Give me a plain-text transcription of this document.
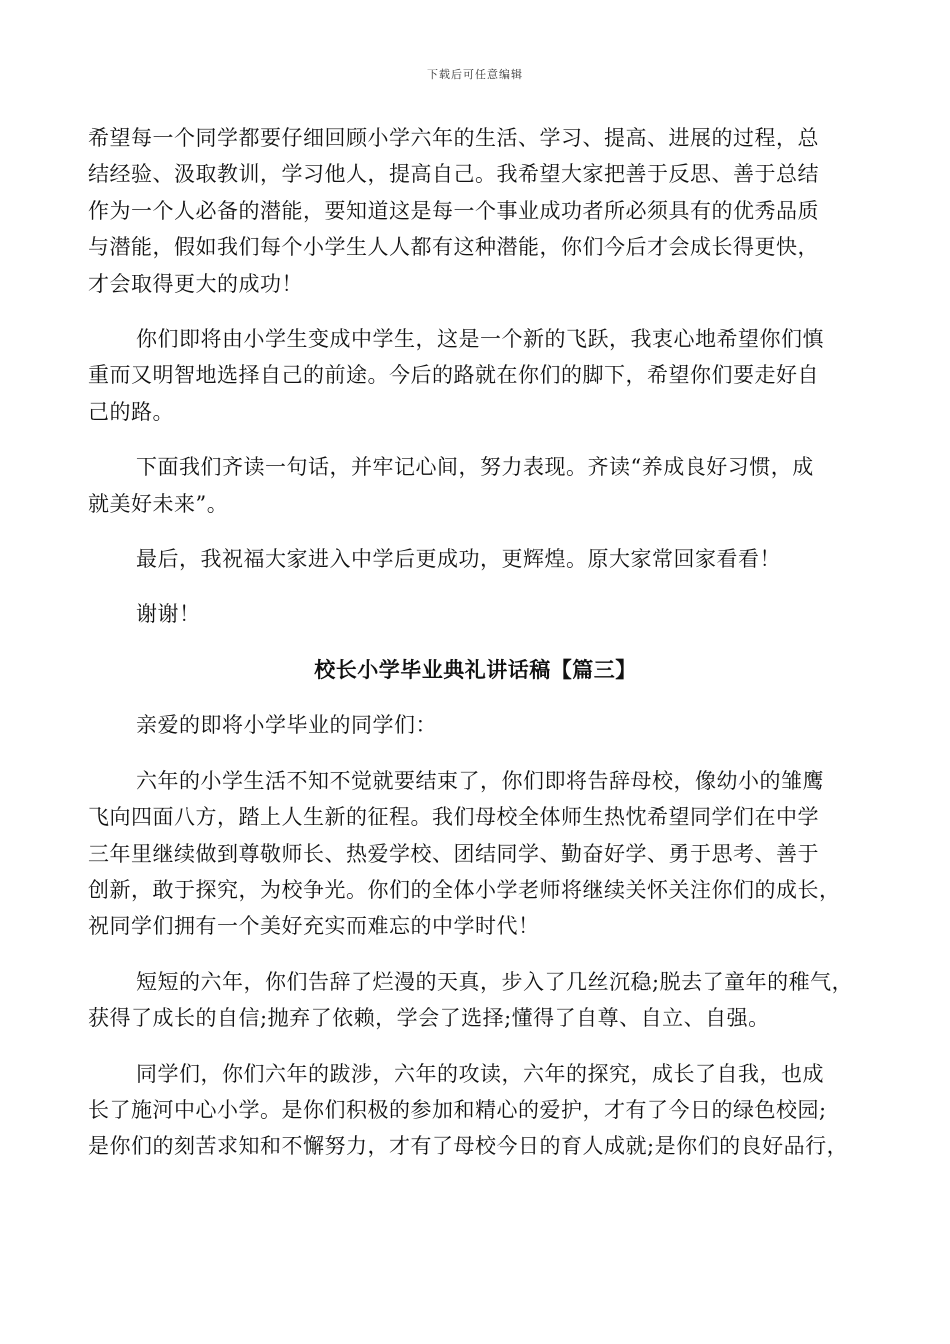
下载后可任意编辑
希望每一个同学都要仔细回顾小学六年的生活、学习、提高、进展的过程，总
结经验、汲取教训，学习他人，提高自己。我希望大家把善于反思、善于总结
作为一个人必备的潜能，要知道这是每一个事业成功者所必须具有的优秀品质
与潜能，假如我们每个小学生人人都有这种潜能，你们今后才会成长得更快，
才会取得更大的成功！
你们即将由小学生变成中学生，这是一个新的飞跃，我衷心地希望你们慎
重而又明智地选择自己的前途。今后的路就在你们的脚下，希望你们要走好自
己的路。
下面我们齐读一句话，并牢记心间，努力表现。齐读“养成良好习惯，成
就美好未来”。
最后，我祝福大家进入中学后更成功，更辉煌。原大家常回家看看！
谢谢！
校长小学毕业典礼讲话稿【篇三】
亲爱的即将小学毕业的同学们：
六年的小学生活不知不觉就要结束了，你们即将告辞母校，像幼小的雏鹰
飞向四面八方，踏上人生新的征程。我们母校全体师生热忱希望同学们在中学
三年里继续做到尊敬师长、热爱学校、团结同学、勤奋好学、勇于思考、善于
创新，敢于探究，为校争光。你们的全体小学老师将继续关怀关注你们的成长，
祝同学们拥有一个美好充实而难忘的中学时代！
短短的六年，你们告辞了烂漫的天真，步入了几丝沉稳;脱去了童年的稚气，
获得了成长的自信;抛弃了依赖，学会了选择;懂得了自尊、自立、自强。
同学们，你们六年的跋涉，六年的攻读，六年的探究，成长了自我，也成
长了施河中心小学。是你们积极的参加和精心的爱护，才有了今日的绿色校园;
是你们的刻苦求知和不懈努力，才有了母校今日的育人成就;是你们的良好品行，
